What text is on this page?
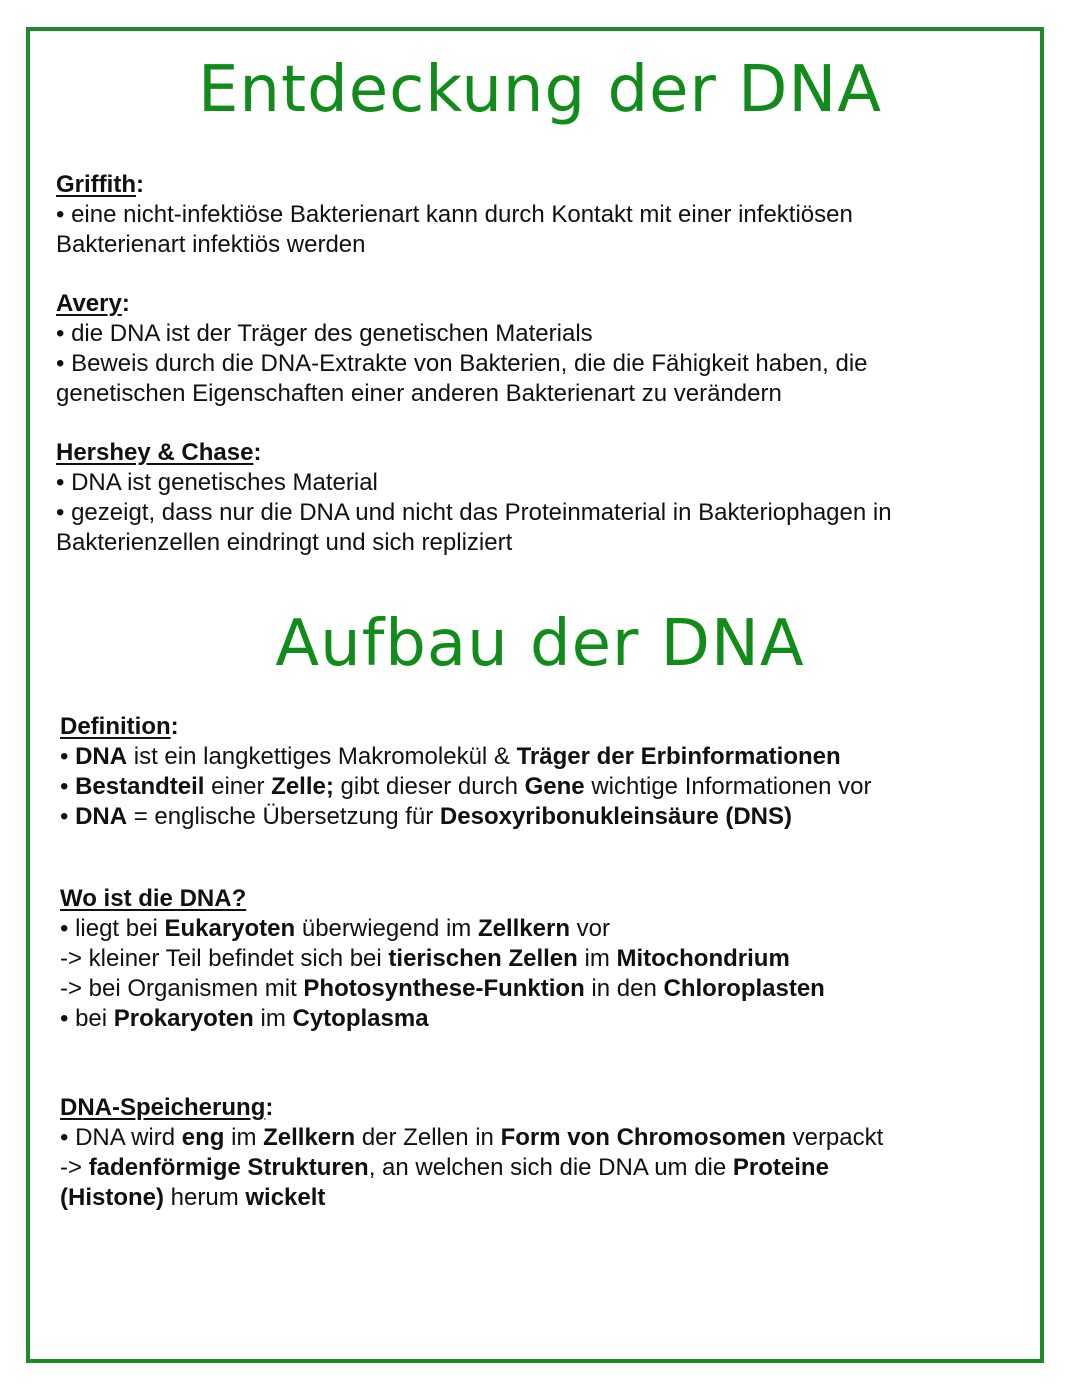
Entdeckung der DNA
Griffith:
• eine nicht-infektiöse Bakterienart kann durch Kontakt mit einer infektiösen
Bakterienart infektiös werden
Avery:
• die DNA ist der Träger des genetischen Materials
• Beweis durch die DNA-Extrakte von Bakterien, die die Fähigkeit haben, die
genetischen Eigenschaften einer anderen Bakterienart zu verändern
Hershey & Chase:
• DNA ist genetisches Material
• gezeigt, dass nur die DNA und nicht das Proteinmaterial in Bakteriophagen in
Bakterienzellen eindringt und sich repliziert
Aufbau der DNA
Definition:
• DNA ist ein langkettiges Makromolekül & Träger der Erbinformationen
• Bestandteil einer Zelle; gibt dieser durch Gene wichtige Informationen vor
• DNA = englische Übersetzung für Desoxyribonukleinsäure (DNS)
Wo ist die DNA?
• liegt bei Eukaryoten überwiegend im Zellkern vor
-> kleiner Teil befindet sich bei tierischen Zellen im Mitochondrium
-> bei Organismen mit Photosynthese-Funktion in den Chloroplasten
• bei Prokaryoten im Cytoplasma
DNA-Speicherung:
• DNA wird eng im Zellkern der Zellen in Form von Chromosomen verpackt
-> fadenförmige Strukturen, an welchen sich die DNA um die Proteine
(Histone) herum wickelt
